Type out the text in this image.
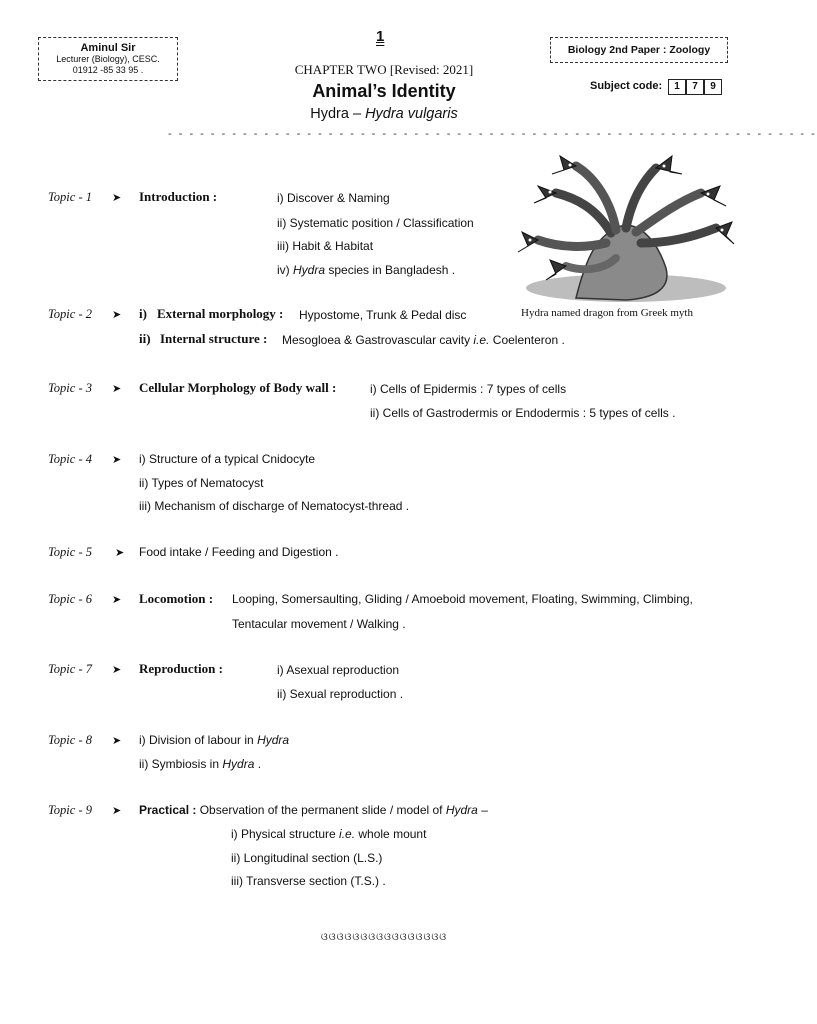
Aminul Sir
Lecturer (Biology), CESC.
01912 -85 33 95 .
1
CHAPTER TWO [Revised: 2021]
Animal’s Identity
Hydra – Hydra vulgaris
Biology 2nd Paper : Zoology
Subject code:	1	7	9
- - - - - - - - - - - - - - - - - - - - - - - - - - - - - - - - - - - - - - - - - - - - - - - - - - - - - - - - - - - - -
Hydra named dragon from Greek myth
Topic - 1 ➤ Introduction :	i) Discover & Naming
ii) Systematic position / Classification
iii) Habit & Habitat
iv) Hydra species in Bangladesh .
Topic - 2 ➤ i) External morphology : Hypostome, Trunk & Pedal disc
ii) Internal structure : Mesogloea & Gastrovascular cavity i.e. Coelenteron .
Topic - 3 ➤ Cellular Morphology of Body wall :	i) Cells of Epidermis : 7 types of cells
ii) Cells of Gastrodermis or Endodermis : 5 types of cells .
Topic - 4 ➤ i) Structure of a typical Cnidocyte
ii) Types of Nematocyst
iii) Mechanism of discharge of Nematocyst-thread .
Topic - 5 ➤ Food intake / Feeding and Digestion .
Topic - 6 ➤ Locomotion : Looping, Somersaulting, Gliding / Amoeboid movement, Floating, Swimming, Climbing,
Tentacular movement / Walking .
Topic - 7 ➤ Reproduction :	i) Asexual reproduction
ii) Sexual reproduction .
Topic - 8 ➤ i) Division of labour in Hydra
ii) Symbiosis in Hydra .
Topic - 9 ➤ Practical : Observation of the permanent slide / model of Hydra –
i) Physical structure i.e. whole mount
ii) Longitudinal section (L.S.)
iii) Transverse section (T.S.) .
ଓଓଓଓଓଓଓଓଓଓଓଓଓଓଓଓ
